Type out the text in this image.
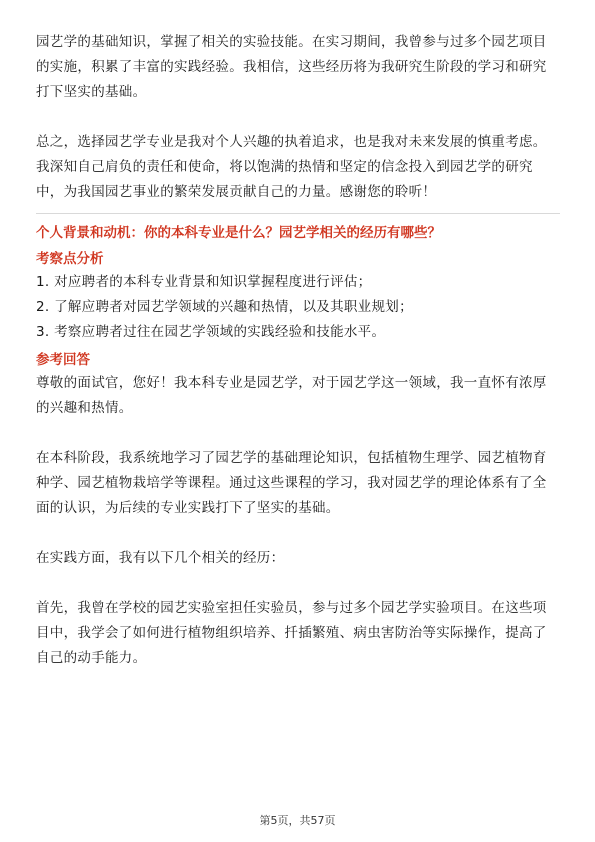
园艺学的基础知识，掌握了相关的实验技能。在实习期间，我曾参与过多个园艺项目的实施，积累了丰富的实践经验。我相信，这些经历将为我研究生阶段的学习和研究打下坚实的基础。

总之，选择园艺学专业是我对个人兴趣的执着追求，也是我对未来发展的慎重考虑。我深知自己肩负的责任和使命，将以饱满的热情和坚定的信念投入到园艺学的研究中，为我国园艺事业的繁荣发展贡献自己的力量。感谢您的聆听！

个人背景和动机：你的本科专业是什么？园艺学相关的经历有哪些？
考察点分析
1. 对应聘者的本科专业背景和知识掌握程度进行评估；
2. 了解应聘者对园艺学领域的兴趣和热情，以及其职业规划；
3. 考察应聘者过往在园艺学领域的实践经验和技能水平。
参考回答

尊敬的面试官，您好！我本科专业是园艺学，对于园艺学这一领域，我一直怀有浓厚的兴趣和热情。

在本科阶段，我系统地学习了园艺学的基础理论知识，包括植物生理学、园艺植物育种学、园艺植物栽培学等课程。通过这些课程的学习，我对园艺学的理论体系有了全面的认识，为后续的专业实践打下了坚实的基础。

在实践方面，我有以下几个相关的经历：

首先，我曾在学校的园艺实验室担任实验员，参与过多个园艺学实验项目。在这些项目中，我学会了如何进行植物组织培养、扦插繁殖、病虫害防治等实际操作，提高了自己的动手能力。

第5页，共57页
